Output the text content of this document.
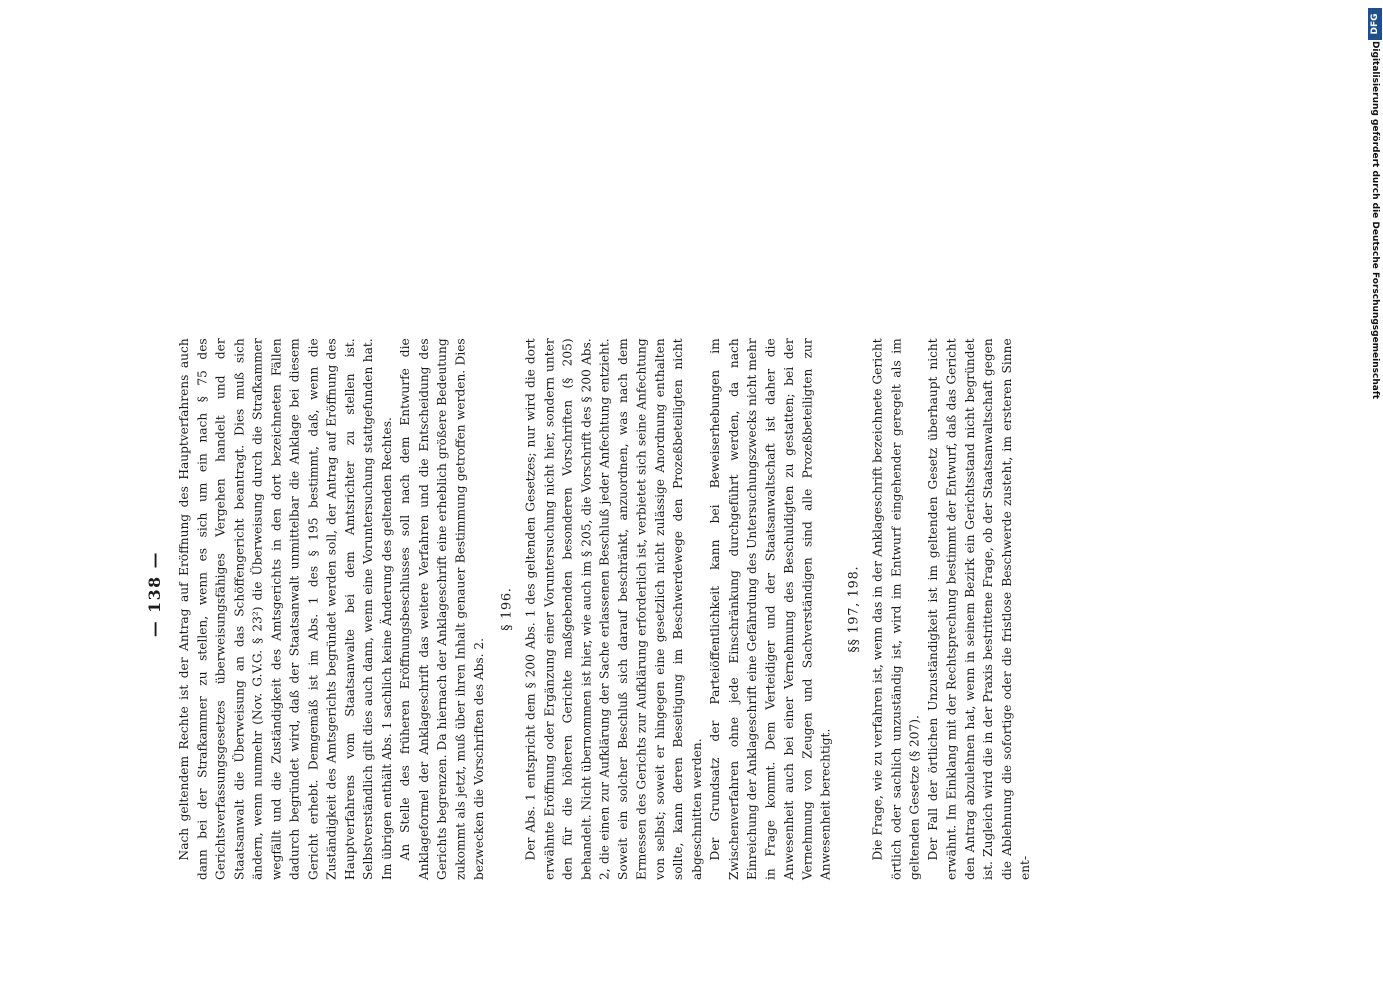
— 138 — Nach geltendem Rechte ist der Antrag auf Eröffnung des Hauptverfahrens auch dann bei der Strafkammer zu stellen, wenn es sich um ein nach § 75 des Gerichtsverfassungsgesetzes überweisungsfähiges Vergehen handelt und der Staatsanwalt die Überweisung an das Schöffengericht beantragt. Dies muß sich ändern, wenn nunmehr (Nov. G.V.G. § 23²) die Überweisung durch die Strafkammer wegfällt und die Zuständigkeit des Amtsgerichts in den dort bezeichneten Fällen dadurch begründet wird, daß der Staatsanwalt unmittelbar die Anklage bei diesem Gericht erhebt. Demgemäß ist im Abs. 1 des § 195 bestimmt, daß, wenn die Zuständigkeit des Amtsgerichts begründet werden soll, der Antrag auf Eröffnung des Hauptverfahrens vom Staatsanwalte bei dem Amtsrichter zu stellen ist. Selbstverständlich gilt dies auch dann, wenn eine Voruntersuchung stattgefunden hat. Im übrigen enthält Abs. 1 sachlich keine Änderung des geltenden Rechtes. An Stelle des früheren Eröffnungsbeschlusses soll nach dem Entwurfe die Anklageformel der Anklageschrift das weitere Verfahren und die Entscheidung des Gerichts begrenzen. Da hiernach der Anklageschrift eine erheblich größere Bedeutung zukommt als jetzt, muß über ihren Inhalt genauer Bestimmung getroffen werden. Dies bezwecken die Vorschriften des Abs. 2.

§ 196. Der Abs. 1 entspricht dem § 200 Abs. 1 des geltenden Gesetzes; nur wird die dort erwähnte Eröffnung oder Ergänzung einer Voruntersuchung nicht hier, sondern unter den für die höheren Gerichte maßgebenden besonderen Vorschriften (§ 205) behandelt. Nicht übernommen ist hier, wie auch im § 205, die Vorschrift des § 200 Abs. 2, die einen zur Aufklärung der Sache erlassenen Beschluß jeder Anfechtung entzieht. Soweit ein solcher Beschluß sich darauf beschränkt, anzuordnen, was nach dem Ermessen des Gerichts zur Aufklärung erforderlich ist, verbietet sich seine Anfechtung von selbst; soweit er hingegen eine gesetzlich nicht zulässige Anordnung enthalten sollte, kann deren Beseitigung im Beschwerdewege den Prozeßbeteiligten nicht abgeschnitten werden. Der Grundsatz der Parteiöffentlichkeit kann bei Beweiserhebungen im Zwischenverfahren ohne jede Einschränkung durchgeführt werden, da nach Einreichung der Anklageschrift eine Gefährdung des Untersuchungszwecks nicht mehr in Frage kommt. Dem Verteidiger und der Staatsanwaltschaft ist daher die Anwesenheit auch bei einer Vernehmung des Beschuldigten zu gestatten; bei der Vernehmung von Zeugen und Sachverständigen sind alle Prozeßbeteiligten zur Anwesenheit berechtigt.

§§ 197, 198. Die Frage, wie zu verfahren ist, wenn das in der Anklageschrift bezeichnete Gericht örtlich oder sachlich unzuständig ist, wird im Entwurf eingehender geregelt als im geltenden Gesetze (§ 207). Der Fall der örtlichen Unzuständigkeit ist im geltenden Gesetz überhaupt nicht erwähnt. Im Einklang mit der Rechtsprechung bestimmt der Entwurf, daß das Gericht den Antrag abzulehnen hat, wenn in seinem Bezirk ein Gerichtsstand nicht begründet ist. Zugleich wird die in der Praxis bestrittene Frage, ob der Staatsanwaltschaft gegen die Ablehnung die sofortige oder die fristlose Beschwerde zusteht, im ersteren Sinne ent-

DFG
Digitalisierung gefördert durch die Deutsche Forschungsgemeinschaft
